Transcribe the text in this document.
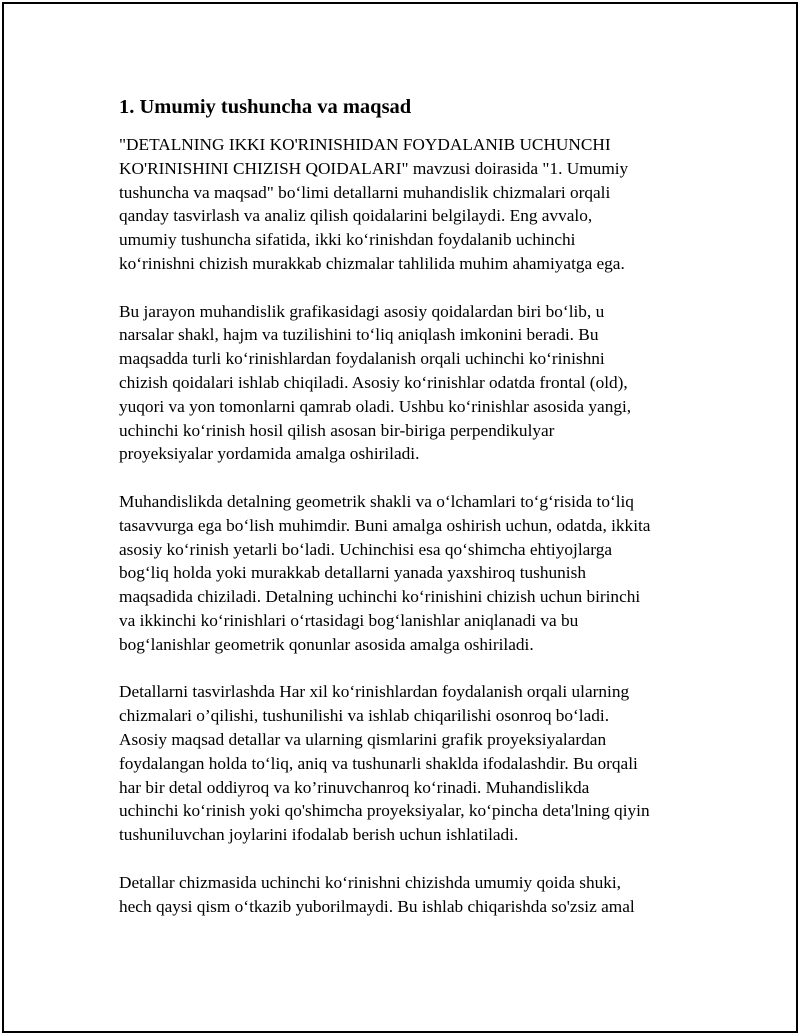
1. Umumiy tushuncha va maqsad

"DETALNING IKKI KO'RINISHIDAN FOYDALANIB UCHUNCHI
KO'RINISHINI CHIZISH QOIDALARI" mavzusi doirasida "1. Umumiy
tushuncha va maqsad" bo‘limi detallarni muhandislik chizmalari orqali
qanday tasvirlash va analiz qilish qoidalarini belgilaydi. Eng avvalo,
umumiy tushuncha sifatida, ikki ko‘rinishdan foydalanib uchinchi
ko‘rinishni chizish murakkab chizmalar tahlilida muhim ahamiyatga ega.

Bu jarayon muhandislik grafikasidagi asosiy qoidalardan biri bo‘lib, u
narsalar shakl, hajm va tuzilishini to‘liq aniqlash imkonini beradi. Bu
maqsadda turli ko‘rinishlardan foydalanish orqali uchinchi ko‘rinishni
chizish qoidalari ishlab chiqiladi. Asosiy ko‘rinishlar odatda frontal (old),
yuqori va yon tomonlarni qamrab oladi. Ushbu ko‘rinishlar asosida yangi,
uchinchi ko‘rinish hosil qilish asosan bir-biriga perpendikulyar
proyeksiyalar yordamida amalga oshiriladi.

Muhandislikda detalning geometrik shakli va o‘lchamlari to‘g‘risida to‘liq
tasavvurga ega bo‘lish muhimdir. Buni amalga oshirish uchun, odatda, ikkita
asosiy ko‘rinish yetarli bo‘ladi. Uchinchisi esa qo‘shimcha ehtiyojlarga
bog‘liq holda yoki murakkab detallarni yanada yaxshiroq tushunish
maqsadida chiziladi. Detalning uchinchi ko‘rinishini chizish uchun birinchi
va ikkinchi ko‘rinishlari o‘rtasidagi bog‘lanishlar aniqlanadi va bu
bog‘lanishlar geometrik qonunlar asosida amalga oshiriladi.

Detallarni tasvirlashda Har xil ko‘rinishlardan foydalanish orqali ularning
chizmalari o’qilishi, tushunilishi va ishlab chiqarilishi osonroq bo‘ladi.
Asosiy maqsad detallar va ularning qismlarini grafik proyeksiyalardan
foydalangan holda to‘liq, aniq va tushunarli shaklda ifodalashdir. Bu orqali
har bir detal oddiyroq va ko’rinuvchanroq ko‘rinadi. Muhandislikda
uchinchi ko‘rinish yoki qo'shimcha proyeksiyalar, ko‘pincha deta'lning qiyin
tushuniluvchan joylarini ifodalab berish uchun ishlatiladi.

Detallar chizmasida uchinchi ko‘rinishni chizishda umumiy qoida shuki,
hech qaysi qism o‘tkazib yuborilmaydi. Bu ishlab chiqarishda so'zsiz amal
